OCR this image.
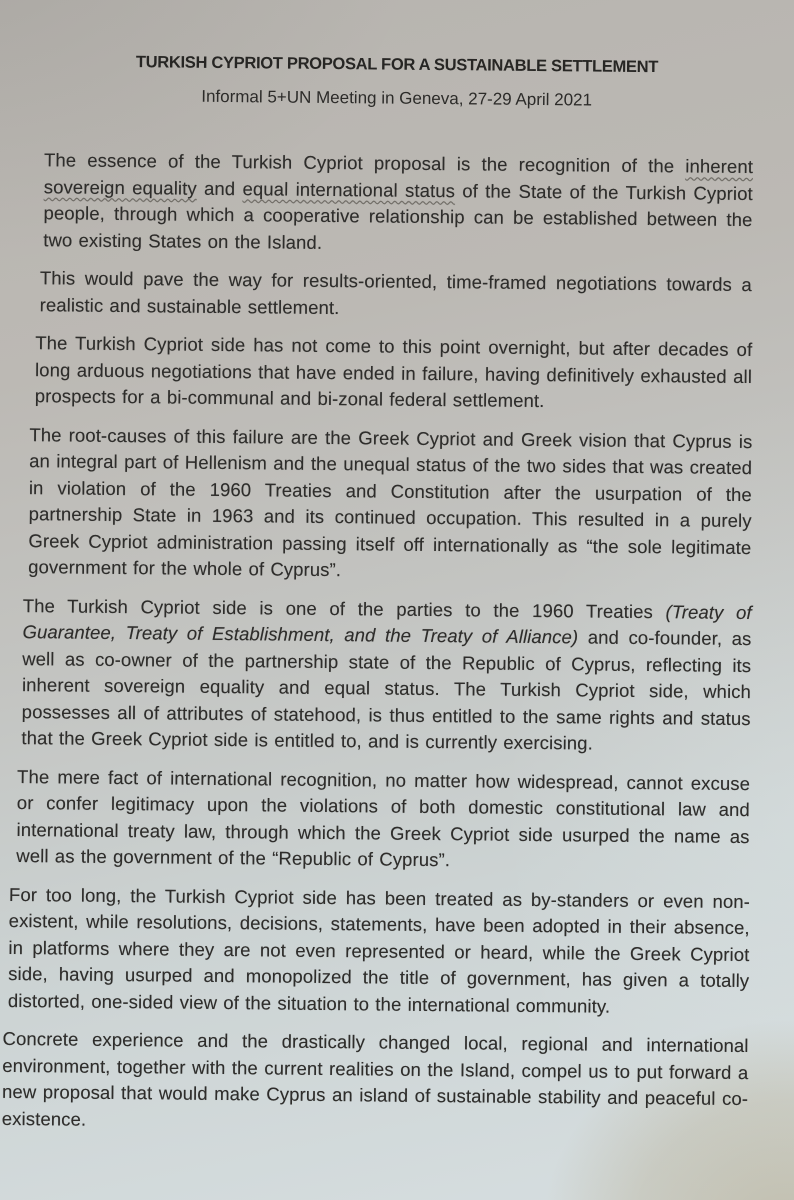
TURKISH CYPRIOT PROPOSAL FOR A SUSTAINABLE SETTLEMENT
Informal 5+UN Meeting in Geneva, 27-29 April 2021

The essence of the Turkish Cypriot proposal is the recognition of the inherent sovereign equality and equal international status of the State of the Turkish Cypriot people, through which a cooperative relationship can be established between the two existing States on the Island.

This would pave the way for results-oriented, time-framed negotiations towards a realistic and sustainable settlement.

The Turkish Cypriot side has not come to this point overnight, but after decades of long arduous negotiations that have ended in failure, having definitively exhausted all prospects for a bi-communal and bi-zonal federal settlement.

The root-causes of this failure are the Greek Cypriot and Greek vision that Cyprus is an integral part of Hellenism and the unequal status of the two sides that was created in violation of the 1960 Treaties and Constitution after the usurpation of the partnership State in 1963 and its continued occupation. This resulted in a purely Greek Cypriot administration passing itself off internationally as “the sole legitimate government for the whole of Cyprus”.

The Turkish Cypriot side is one of the parties to the 1960 Treaties (Treaty of Guarantee, Treaty of Establishment, and the Treaty of Alliance) and co-founder, as well as co-owner of the partnership state of the Republic of Cyprus, reflecting its inherent sovereign equality and equal status. The Turkish Cypriot side, which possesses all of attributes of statehood, is thus entitled to the same rights and status that the Greek Cypriot side is entitled to, and is currently exercising.

The mere fact of international recognition, no matter how widespread, cannot excuse or confer legitimacy upon the violations of both domestic constitutional law and international treaty law, through which the Greek Cypriot side usurped the name as well as the government of the “Republic of Cyprus”.

For too long, the Turkish Cypriot side has been treated as by-standers or even non-existent, while resolutions, decisions, statements, have been adopted in their absence, in platforms where they are not even represented or heard, while the Greek Cypriot side, having usurped and monopolized the title of government, has given a totally distorted, one-sided view of the situation to the international community.

Concrete experience and the drastically changed local, regional and international environment, together with the current realities on the Island, compel us to put forward a new proposal that would make Cyprus an island of sustainable stability and peaceful co-existence.
